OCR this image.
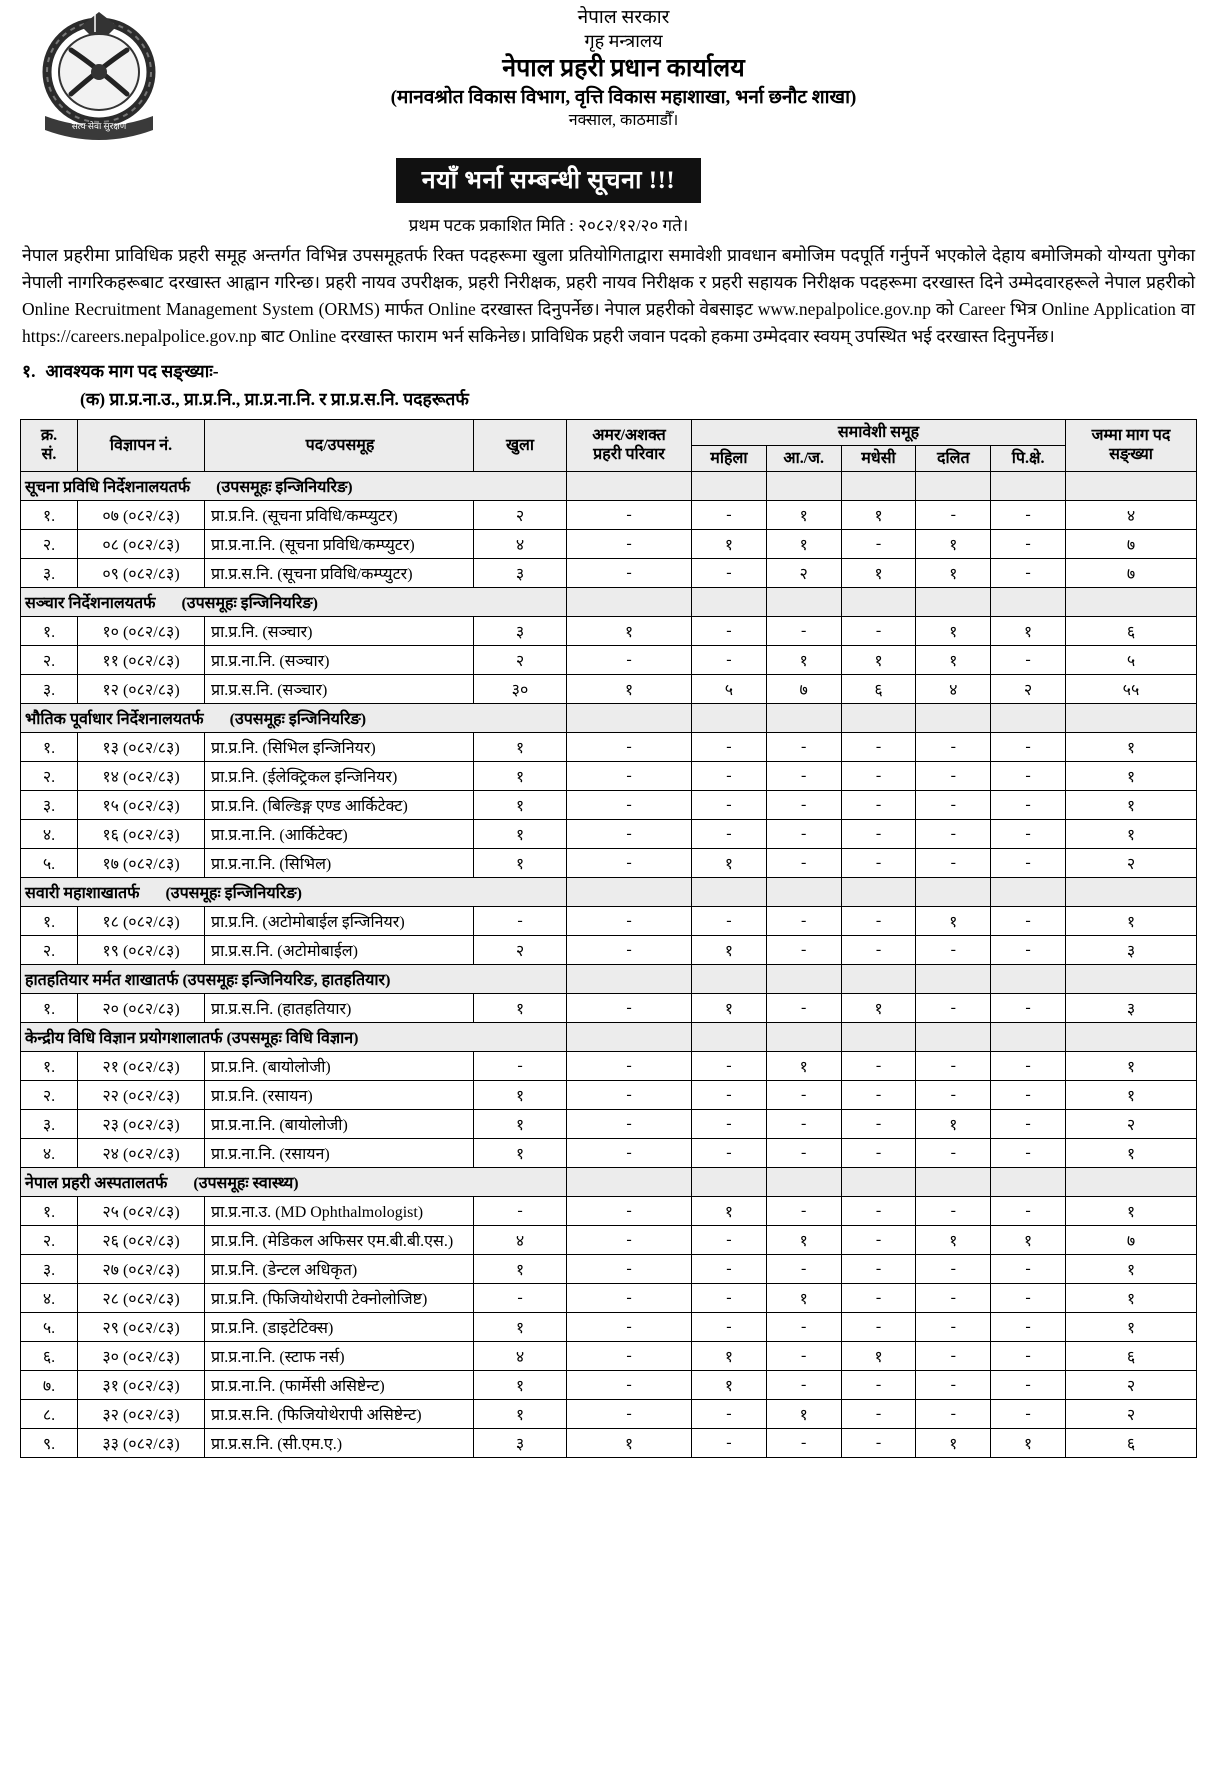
सत्य सेवा सुरक्षण
नेपाल सरकार
गृह मन्त्रालय
नेपाल प्रहरी प्रधान कार्यालय
(मानवश्रोत विकास विभाग, वृत्ति विकास महाशाखा, भर्ना छनौट शाखा)
नक्साल, काठमाडौँ।
नयाँ भर्ना सम्बन्धी सूचना !!!
प्रथम पटक प्रकाशित मिति : २०८२/१२/२० गते।
नेपाल प्रहरीमा प्राविधिक प्रहरी समूह अन्तर्गत विभिन्न उपसमूहतर्फ रिक्त पदहरूमा खुला प्रतियोगिताद्वारा समावेशी प्रावधान बमोजिम पदपूर्ति गर्नुपर्ने भएकोले देहाय बमोजिमको योग्यता पुगेका नेपाली नागरिकहरूबाट दरखास्त आह्वान गरिन्छ। प्रहरी नायव उपरीक्षक, प्रहरी निरीक्षक, प्रहरी नायव निरीक्षक र प्रहरी सहायक निरीक्षक पदहरूमा दरखास्त दिने उम्मेदवारहरूले नेपाल प्रहरीको Online Recruitment Management System (ORMS) मार्फत Online दरखास्त दिनुपर्नेछ। नेपाल प्रहरीको वेबसाइट www.nepalpolice.gov.np को Career भित्र Online Application वा https://careers.nepalpolice.gov.np बाट Online दरखास्त फाराम भर्न सकिनेछ। प्राविधिक प्रहरी जवान पदको हकमा उम्मेदवार स्वयम् उपस्थित भई दरखास्त दिनुपर्नेछ।
१. आवश्यक माग पद सङ्ख्याः-
(क) प्रा.प्र.ना.उ., प्रा.प्र.नि., प्रा.प्र.ना.नि. र प्रा.प्र.स.नि. पदहरूतर्फ
क्र.
सं.
	विज्ञापन नं.	पद/उपसमूह	खुला	
अमर/अशक्त
प्रहरी परिवार
	समावेशी समूह	जम्मा माग पद
सङ्ख्या

					महिला	आ./ज.	मधेसी	दलित	पि.क्षे.	

सूचना प्रविधि निर्देशनालयतर्फ (उपसमूहः इन्जिनियरिङ)										

१.	०७ (०८२/८३)	प्रा.प्र.नि. (सूचना प्रविधि/कम्प्युटर)	२	-	-	१	१	-	-	४
२.	०८ (०८२/८३)	प्रा.प्र.ना.नि. (सूचना प्रविधि/कम्प्युटर)	४	-	१	१	-	१	-	७
३.	०९ (०८२/८३)	प्रा.प्र.स.नि. (सूचना प्रविधि/कम्प्युटर)	३	-	-	२	१	१	-	७

सञ्चार निर्देशनालयतर्फ (उपसमूहः इन्जिनियरिङ)										

१.	१० (०८२/८३)	प्रा.प्र.नि. (सञ्चार)	३	१	-	-	-	१	१	६
२.	११ (०८२/८३)	प्रा.प्र.ना.नि. (सञ्चार)	२	-	-	१	१	१	-	५
३.	१२ (०८२/८३)	प्रा.प्र.स.नि. (सञ्चार)	३०	१	५	७	६	४	२	५५

भौतिक पूर्वाधार निर्देशनालयतर्फ (उपसमूहः इन्जिनियरिङ)										

१.	१३ (०८२/८३)	प्रा.प्र.नि. (सिभिल इन्जिनियर)	१	-	-	-	-	-	-	१
२.	१४ (०८२/८३)	प्रा.प्र.नि. (ईलेक्ट्रिकल इन्जिनियर)	१	-	-	-	-	-	-	१
३.	१५ (०८२/८३)	प्रा.प्र.नि. (बिल्डिङ्ग एण्ड आर्किटेक्ट)	१	-	-	-	-	-	-	१
४.	१६ (०८२/८३)	प्रा.प्र.ना.नि. (आर्किटेक्ट)	१	-	-	-	-	-	-	१
५.	१७ (०८२/८३)	प्रा.प्र.ना.नि. (सिभिल)	१	-	१	-	-	-	-	२

सवारी महाशाखातर्फ (उपसमूहः इन्जिनियरिङ)										

१.	१८ (०८२/८३)	प्रा.प्र.नि. (अटोमोबाईल इन्जिनियर)	-	-	-	-	-	१	-	१
२.	१९ (०८२/८३)	प्रा.प्र.स.नि. (अटोमोबाईल)	२	-	१	-	-	-	-	३
हातहतियार मर्मत शाखातर्फ (उपसमूहः इन्जिनियरिङ, हातहतियार)										
१.	२० (०८२/८३)	प्रा.प्र.स.नि. (हातहतियार)	१	-	१	-	१	-	-	३
केन्द्रीय विधि विज्ञान प्रयोगशालातर्फ (उपसमूहः विधि विज्ञान)										
१.	२१ (०८२/८३)	प्रा.प्र.नि. (बायोलोजी)	-	-	-	१	-	-	-	१
२.	२२ (०८२/८३)	प्रा.प्र.नि. (रसायन)	१	-	-	-	-	-	-	१
३.	२३ (०८२/८३)	प्रा.प्र.ना.नि. (बायोलोजी)	१	-	-	-	-	१	-	२
४.	२४ (०८२/८३)	प्रा.प्र.ना.नि. (रसायन)	१	-	-	-	-	-	-	१

नेपाल प्रहरी अस्पतालतर्फ (उपसमूहः स्वास्थ्य)										

१.	२५ (०८२/८३)	प्रा.प्र.ना.उ. (MD Ophthalmologist)	-	-	१	-	-	-	-	१
२.	२६ (०८२/८३)	प्रा.प्र.नि. (मेडिकल अफिसर एम.बी.बी.एस.)	४	-	-	१	-	१	१	७
३.	२७ (०८२/८३)	प्रा.प्र.नि. (डेन्टल अधिकृत)	१	-	-	-	-	-	-	१
४.	२८ (०८२/८३)	प्रा.प्र.नि. (फिजियोथेरापी टेक्नोलोजिष्ट)	-	-	-	१	-	-	-	१
५.	२९ (०८२/८३)	प्रा.प्र.नि. (डाइटेटिक्स)	१	-	-	-	-	-	-	१
६.	३० (०८२/८३)	प्रा.प्र.ना.नि. (स्टाफ नर्स)	४	-	१	-	१	-	-	६
७.	३१ (०८२/८३)	प्रा.प्र.ना.नि. (फार्मेसी असिष्टेन्ट)	१	-	१	-	-	-	-	२
८.	३२ (०८२/८३)	प्रा.प्र.स.नि. (फिजियोथेरापी असिष्टेन्ट)	१	-	-	१	-	-	-	२
९.	३३ (०८२/८३)	प्रा.प्र.स.नि. (सी.एम.ए.)	३	१	-	-	-	१	१	६
